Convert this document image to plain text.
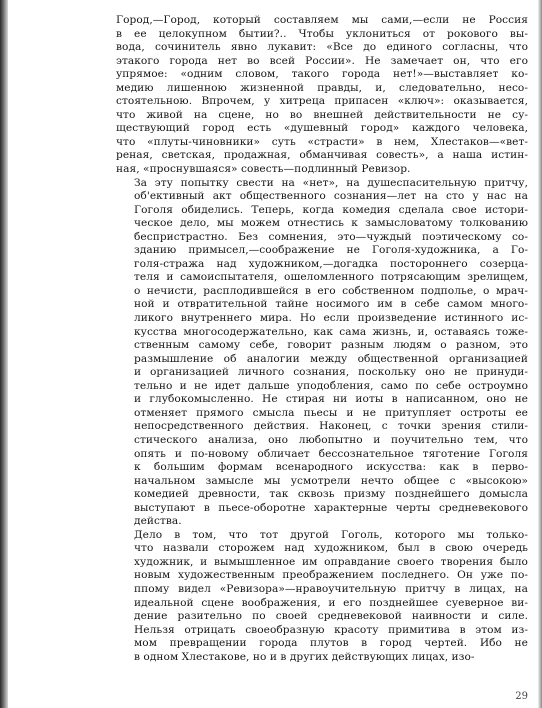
Город,—Город, который составляем мы сами,—если не Россия
в ее целокупном бытии?.. Чтобы уклониться от рокового вы-
вода, сочинитель явно лукавит: «Все до единого согласны, что
этакого города нет во всей России». Не замечает он, что его
упрямое: «одним словом, такого города нет!»—выставляет ко-
медию лишенною жизненной правды, и, следовательно, несо-
стоятельною. Впрочем, у хитреца припасен «ключ»: оказывается,
что живой на сцене, но во внешней действительности не су-
ществующий город есть «душевный город» каждого человека,
что «плуты-чиновники» суть «страсти» в нем, Хлестаков—«вет-
реная, светская, продажная, обманчивая совесть», а наша истин-
ная, «проснувшаяся» совесть—подлинный Ревизор.

За эту попытку свести на «нет», на душеспасительную притчу,
об'ективный акт общественного сознания—лет на сто у нас на
Гоголя обиделись. Теперь, когда комедия сделала свое истори-
ческое дело, мы можем отнестись к замысловатому толкованию
беспристрастно. Без сомнения, это—чуждый поэтическому со-
зданию примысел,—соображение не Гоголя-художника, а Го-
голя-стража над художником,—догадка постороннего созерца-
теля и самоиспытателя, ошеломленного потрясающим зрелищем,
о нечисти, расплодившейся в его собственном подполье, о мрач-
ной и отвратительной тайне носимого им в себе самом много-
ликого внутреннего мира. Но если произведение истинного ис-
кусства многосодержательно, как сама жизнь, и, оставаясь тоже-
ственным самому себе, говорит разным людям о разном, это
размышление об аналогии между общественной организацией
и организацией личного сознания, поскольку оно не принуди-
тельно и не идет дальше уподобления, само по себе остроумно
и глубокомысленно. Не стирая ни иоты в написанном, оно не
отменяет прямого смысла пьесы и не притупляет остроты ее
непосредственного действия. Наконец, с точки зрения стили-
стического анализа, оно любопытно и поучительно тем, что
опять и по-новому обличает бессознательное тяготение Гоголя
к большим формам всенародного искусства: как в перво-
начальном замысле мы усмотрели нечто общее с «высокою»
комедией древности, так сквозь призму позднейшего домысла
выступают в пьесе-оборотне характерные черты средневекового
действа.

Дело в том, что тот другой Гоголь, которого мы только-
что назвали сторожем над художником, был в свою очередь
художник, и вымышленное им оправдание своего творения было
новым художественным преображением последнего. Он уже по-
ппому видел «Ревизора»—нравоучительную притчу в лицах, на
идеальной сцене воображения, и его позднейшее суеверное ви-
дение разительно по своей средневековой наивности и силе.
Нельзя отрицать своеобразную красоту примитива в этом из-
мом превращении города плутов в город чертей. Ибо не
в одном Хлестакове, но и в других действующих лицах, изо-

29
